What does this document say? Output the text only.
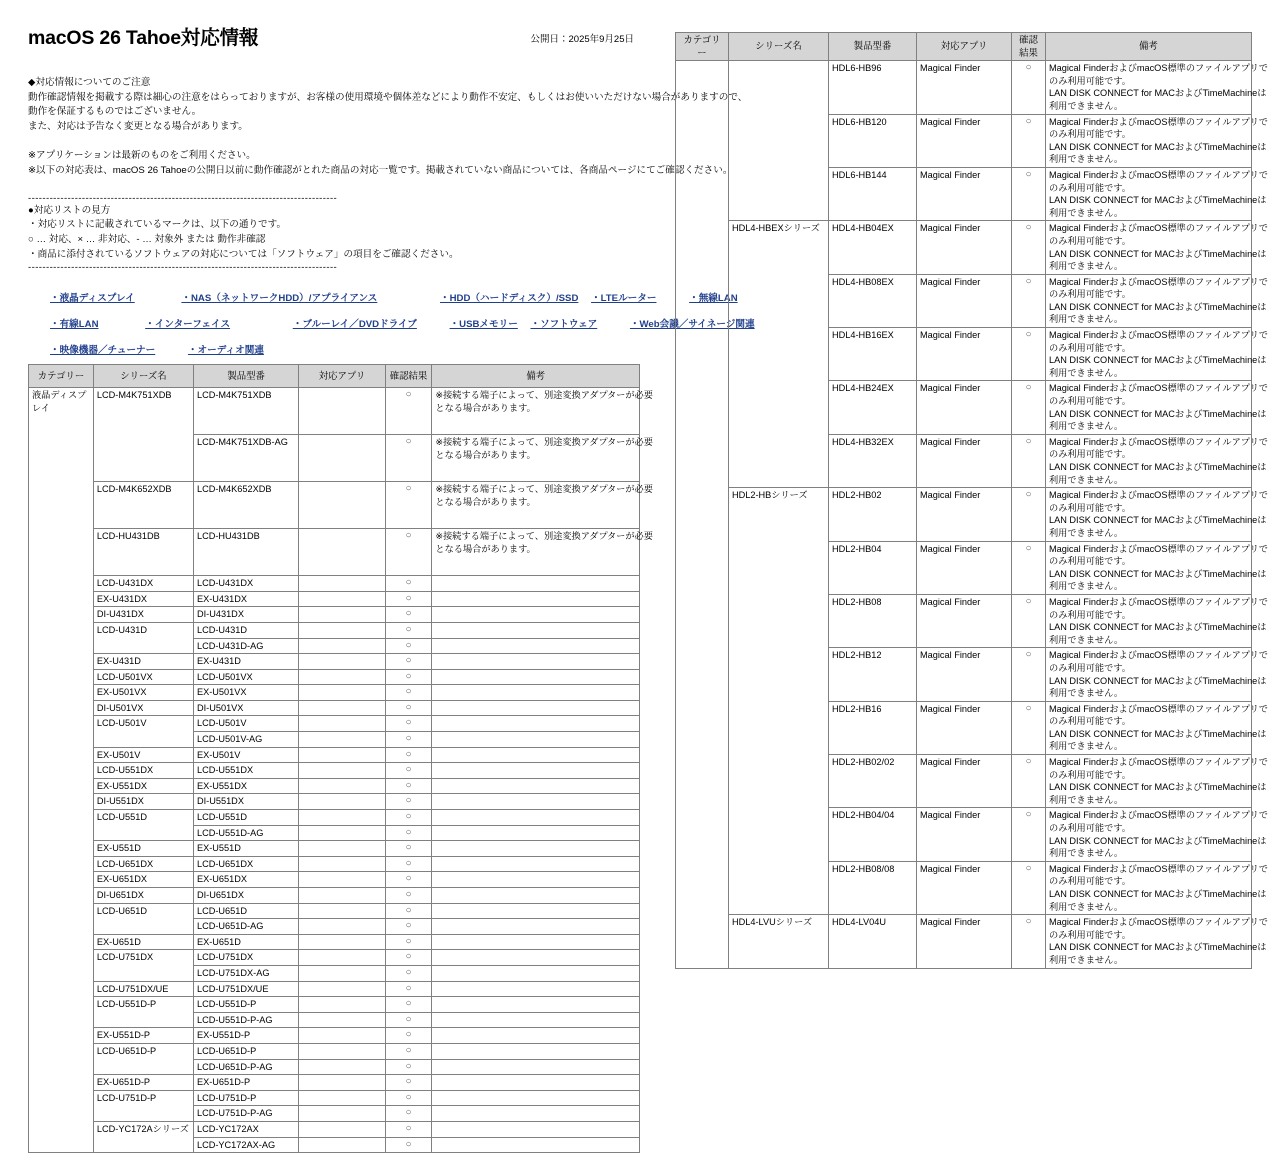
macOS 26 Tahoe対応情報	公開日：2025年9月25日

◆対応情報についてのご注意

動作確認情報を掲載する際は細心の注意をはらっておりますが、お客様の使用環境や個体差などにより動作不安定、もしくはお使いいただけない場合がありますので、

動作を保証するものではございません。

また、対応は予告なく変更となる場合があります。

※アプリケーションは最新のものをご利用ください。

※以下の対応表は、macOS 26 Tahoeの公開日以前に動作確認がとれた商品の対応一覧です。掲載されていない商品については、各商品ページにてご確認ください。

--------------------------------------------------------------------------------------

●対応リストの見方

・対応リストに記載されているマークは、以下の通りです。

○ … 対応、× … 非対応、- … 対象外 または 動作非確認

・商品に添付されているソフトウェアの対応については「ソフトウェア」の項目をご確認ください。

--------------------------------------------------------------------------------------
・液晶ディスプレイ	・NAS（ネットワークHDD）/アプライアンス	・HDD（ハードディスク）/SSD ・LTEルーター	・無線LAN
・有線LAN	・インターフェイス	・ブルーレイ／DVDドライブ	・USBメモリー ・ソフトウェア	・Web会議／サイネージ関連
・映像機器／チューナー	・オーディオ関連
カテゴリー	シリーズ名	製品型番	対応アプリ	確認結果	備考
液晶ディスプレイ	LCD-M4K751XDB	LCD-M4K751XDB		○	※接続する端子によって、別途変換アダプターが必要
となる場合があります。

		LCD-M4K751XDB-AG		○	※接続する端子によって、別途変換アダプターが必要
となる場合があります。

	LCD-M4K652XDB	LCD-M4K652XDB		○	※接続する端子によって、別途変換アダプターが必要
となる場合があります。

	LCD-HU431DB	LCD-HU431DB		○	※接続する端子によって、別途変換アダプターが必要
となる場合があります。

	LCD-U431DX	LCD-U431DX		○	
	EX-U431DX	EX-U431DX		○	
	DI-U431DX	DI-U431DX		○	
	LCD-U431D	LCD-U431D		○	
		LCD-U431D-AG		○	
	EX-U431D	EX-U431D		○	
	LCD-U501VX	LCD-U501VX		○	
	EX-U501VX	EX-U501VX		○	
	DI-U501VX	DI-U501VX		○	
	LCD-U501V	LCD-U501V		○	
		LCD-U501V-AG		○	
	EX-U501V	EX-U501V		○	
	LCD-U551DX	LCD-U551DX		○	
	EX-U551DX	EX-U551DX		○	
	DI-U551DX	DI-U551DX		○	
	LCD-U551D	LCD-U551D		○	
		LCD-U551D-AG		○	
	EX-U551D	EX-U551D		○	
	LCD-U651DX	LCD-U651DX		○	
	EX-U651DX	EX-U651DX		○	
	DI-U651DX	DI-U651DX		○	
	LCD-U651D	LCD-U651D		○	
		LCD-U651D-AG		○	
	EX-U651D	EX-U651D		○	
	LCD-U751DX	LCD-U751DX		○	
		LCD-U751DX-AG		○	
	LCD-U751DX/UE	LCD-U751DX/UE		○	
	LCD-U551D-P	LCD-U551D-P		○	
		LCD-U551D-P-AG		○	
	EX-U551D-P	EX-U551D-P		○	
	LCD-U651D-P	LCD-U651D-P		○	
		LCD-U651D-P-AG		○	
	EX-U651D-P	EX-U651D-P		○	
	LCD-U751D-P	LCD-U751D-P		○	
		LCD-U751D-P-AG		○	
	LCD-YC172Aシリーズ	LCD-YC172AX		○	
		LCD-YC172AX-AG		○	
カテゴリー	シリーズ名	製品型番	対応アプリ	確認結果	備考
		HDL6-HB96	Magical Finder	○	Magical FinderおよびmacOS標準のファイルアプリで
のみ利用可能です。
LAN DISK CONNECT for MACおよびTimeMachineは
利用できません。

		HDL6-HB120	Magical Finder	○	Magical FinderおよびmacOS標準のファイルアプリで
のみ利用可能です。
LAN DISK CONNECT for MACおよびTimeMachineは
利用できません。

		HDL6-HB144	Magical Finder	○	Magical FinderおよびmacOS標準のファイルアプリで
のみ利用可能です。
LAN DISK CONNECT for MACおよびTimeMachineは
利用できません。

	HDL4-HBEXシリーズ	HDL4-HB04EX	Magical Finder	○	Magical FinderおよびmacOS標準のファイルアプリで
のみ利用可能です。
LAN DISK CONNECT for MACおよびTimeMachineは
利用できません。

		HDL4-HB08EX	Magical Finder	○	Magical FinderおよびmacOS標準のファイルアプリで
のみ利用可能です。
LAN DISK CONNECT for MACおよびTimeMachineは
利用できません。

		HDL4-HB16EX	Magical Finder	○	Magical FinderおよびmacOS標準のファイルアプリで
のみ利用可能です。
LAN DISK CONNECT for MACおよびTimeMachineは
利用できません。

		HDL4-HB24EX	Magical Finder	○	Magical FinderおよびmacOS標準のファイルアプリで
のみ利用可能です。
LAN DISK CONNECT for MACおよびTimeMachineは
利用できません。

		HDL4-HB32EX	Magical Finder	○	Magical FinderおよびmacOS標準のファイルアプリで
のみ利用可能です。
LAN DISK CONNECT for MACおよびTimeMachineは
利用できません。

	HDL2-HBシリーズ	HDL2-HB02	Magical Finder	○	Magical FinderおよびmacOS標準のファイルアプリで
のみ利用可能です。
LAN DISK CONNECT for MACおよびTimeMachineは
利用できません。

		HDL2-HB04	Magical Finder	○	Magical FinderおよびmacOS標準のファイルアプリで
のみ利用可能です。
LAN DISK CONNECT for MACおよびTimeMachineは
利用できません。

		HDL2-HB08	Magical Finder	○	Magical FinderおよびmacOS標準のファイルアプリで
のみ利用可能です。
LAN DISK CONNECT for MACおよびTimeMachineは
利用できません。

		HDL2-HB12	Magical Finder	○	Magical FinderおよびmacOS標準のファイルアプリで
のみ利用可能です。
LAN DISK CONNECT for MACおよびTimeMachineは
利用できません。

		HDL2-HB16	Magical Finder	○	Magical FinderおよびmacOS標準のファイルアプリで
のみ利用可能です。
LAN DISK CONNECT for MACおよびTimeMachineは
利用できません。

		HDL2-HB02/02	Magical Finder	○	Magical FinderおよびmacOS標準のファイルアプリで
のみ利用可能です。
LAN DISK CONNECT for MACおよびTimeMachineは
利用できません。

		HDL2-HB04/04	Magical Finder	○	Magical FinderおよびmacOS標準のファイルアプリで
のみ利用可能です。
LAN DISK CONNECT for MACおよびTimeMachineは
利用できません。

		HDL2-HB08/08	Magical Finder	○	Magical FinderおよびmacOS標準のファイルアプリで
のみ利用可能です。
LAN DISK CONNECT for MACおよびTimeMachineは
利用できません。

	HDL4-LVUシリーズ	HDL4-LV04U	Magical Finder	○	Magical FinderおよびmacOS標準のファイルアプリで
のみ利用可能です。
LAN DISK CONNECT for MACおよびTimeMachineは
利用できません。
